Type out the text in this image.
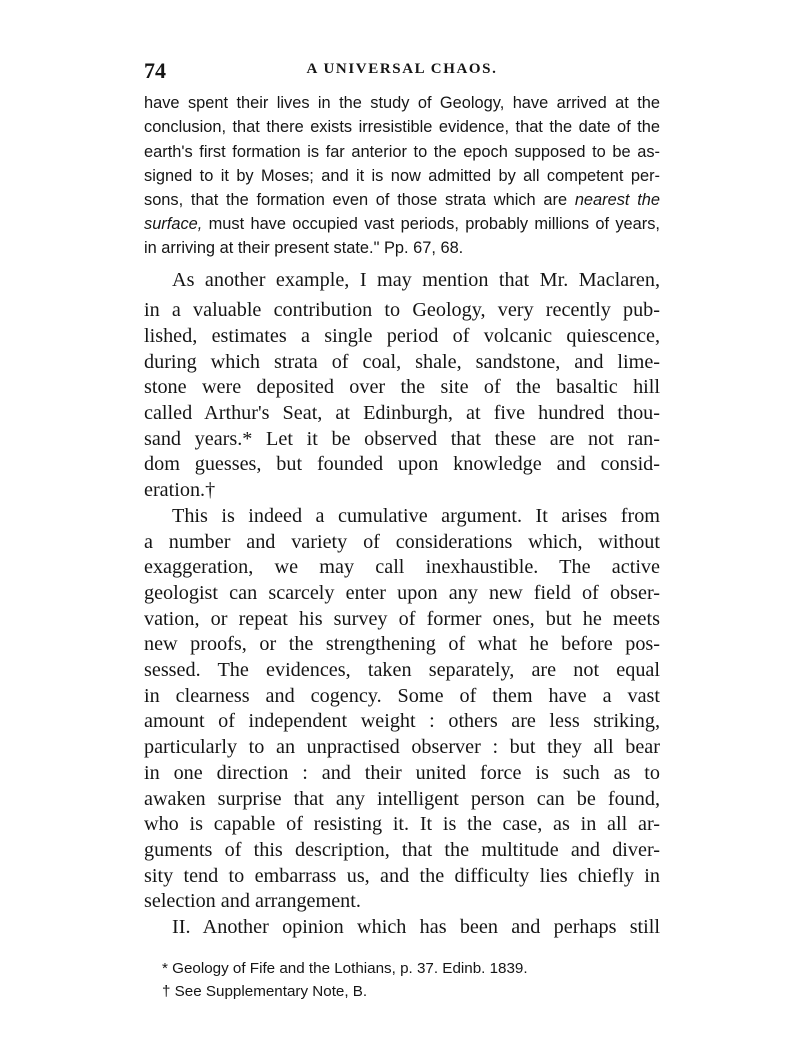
74	A UNIVERSAL CHAOS.
have spent their lives in the study of Geology, have arrived at the
conclusion, that there exists irresistible evidence, that the date of the
earth's first formation is far anterior to the epoch supposed to be as-
signed to it by Moses; and it is now admitted by all competent per-
sons, that the formation even of those strata which are nearest the
surface, must have occupied vast periods, probably millions of years,
in arriving at their present state." Pp. 67, 68.
As another example, I may mention that Mr. Maclaren,
in a valuable contribution to Geology, very recently pub-
lished, estimates a single period of volcanic quiescence,
during which strata of coal, shale, sandstone, and lime-
stone were deposited over the site of the basaltic hill
called Arthur's Seat, at Edinburgh, at five hundred thou-
sand years.* Let it be observed that these are not ran-
dom guesses, but founded upon knowledge and consid-
eration.†
This is indeed a cumulative argument. It arises from
a number and variety of considerations which, without
exaggeration, we may call inexhaustible. The active
geologist can scarcely enter upon any new field of obser-
vation, or repeat his survey of former ones, but he meets
new proofs, or the strengthening of what he before pos-
sessed. The evidences, taken separately, are not equal
in clearness and cogency. Some of them have a vast
amount of independent weight : others are less striking,
particularly to an unpractised observer : but they all bear
in one direction : and their united force is such as to
awaken surprise that any intelligent person can be found,
who is capable of resisting it. It is the case, as in all ar-
guments of this description, that the multitude and diver-
sity tend to embarrass us, and the difficulty lies chiefly in
selection and arrangement.
II. Another opinion which has been and perhaps still
* Geology of Fife and the Lothians, p. 37. Edinb. 1839.
† See Supplementary Note, B.
